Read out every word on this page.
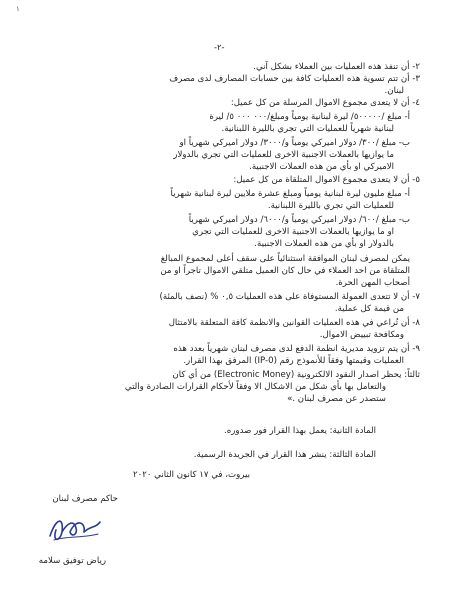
١
-٢-
٢- أن تنفذ هذه العمليات بين العملاء بشكل آني.
٣- أن تتم تسوية هذه العمليات كافة بين حسابات المصارف لدى مصرف
لبنان.
٤- أن لا يتعدى مجموع الاموال المرسلة من كل عميل:
أ- مبلغ /٥٠٠٠٠٠/ ليرة لبنانية يومياً ومبلغ/٠٠٠ ٠٠٠ ٥/ ليرة
لبنانية شهرياً للعمليات التي تجري بالليرة اللبنانية.
ب- مبلغ /٣٠٠/ دولار اميركي يومياً و/٣٠٠٠/ دولار اميركي شهرياً او
ما يوازيها بالعملات الاجنبية الاخرى للعمليات التي تجري بالدولار
الاميركي او بأي من هذه العملات الاجنبية.
٥- أن لا يتعدى مجموع الاموال المتلقاة من كل عميل:
أ- مبلغ مليون ليرة لبنانية يومياً ومبلغ عشرة ملايين ليرة لبنانية شهرياً
للعمليات التي تجري بالليرة اللبنانية.
ب- مبلغ /٦٠٠/ دولار اميركي يومياً و/٦٠٠٠/ دولار اميركي شهرياً
او ما يوازيها بالعملات الاجنبية الاخرى للعمليات التي تجري
بالدولار او بأي من هذه العملات الاجنبية.
يمكن لمصرف لبنان الموافقة استثنائياً على سقف أعلى لمجموع المبالغ
المتلقاة من احد العملاء في حال كان العميل متلقي الاموال تاجراً او من
أصحاب المهن الحرة.
٧- أن لا تتعدى العمولة المستوفاة على هذه العمليات ٠,٥ % (نصف بالمئة)
من قيمة كل عملية.
٨- أن تُراعي في هذه العمليات القوانين والانظمة كافة المتعلقة بالامتثال
ومكافحة تبييض الاموال.
٩- أن يتم تزويد مديرية انظمة الدفع لدى مصرف لبنان شهرياً بعدد هذه
العمليات وقيمتها وفقاً للأنموذج رقم (IP-0) المرفق بهذا القرار.
ثالثاً: يحظر اصدار النقود الالكترونية (Electronic Money) من أي كان
والتعامل بها بأي شكل من الاشكال الا وفقاً لأحكام القرارات الصادرة والتي
ستصدر عن مصرف لبنان .»
المادة الثانية: يعمل بهذا القرار فور صدوره.
المادة الثالثة: ينشر هذا القرار في الجريدة الرسمية.
بيروت، في ١٧ كانون الثاني ٢٠٢٠
حاكم مصرف لبنان
رياض توفيق سلامه
